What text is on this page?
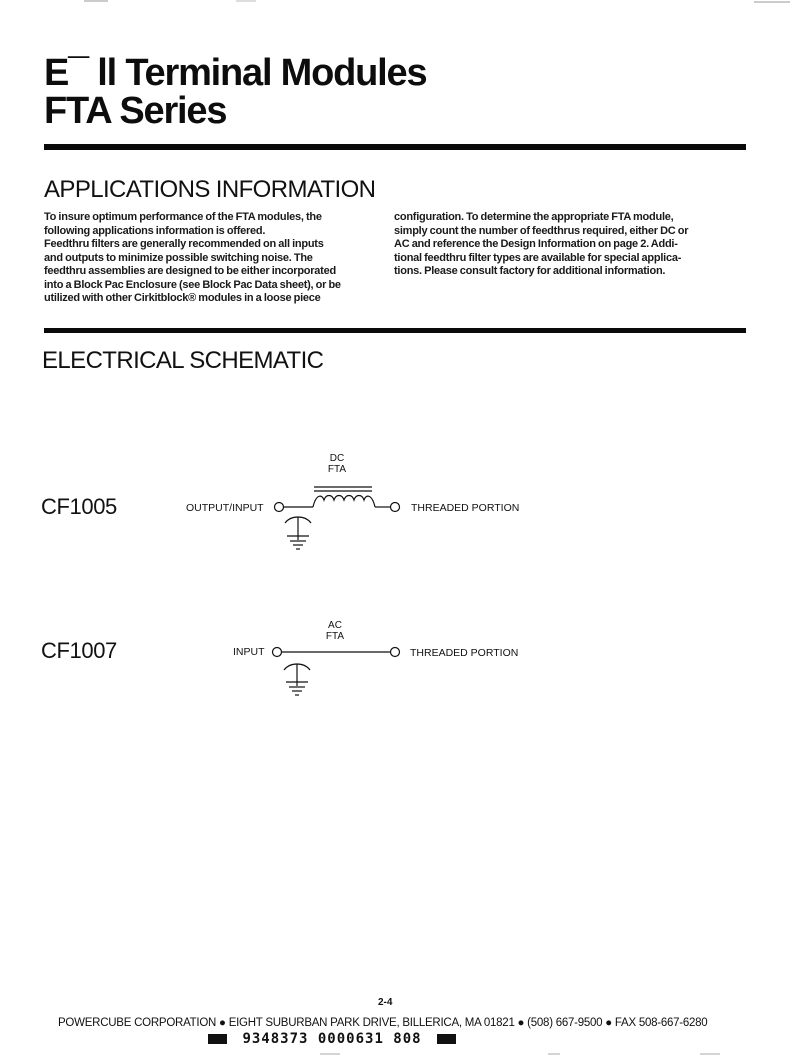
E¯ ll Terminal Modules
FTA Series
APPLICATIONS INFORMATION

To insure optimum performance of the FTA modules, the

following applications information is offered.

Feedthru filters are generally recommended on all inputs

and outputs to minimize possible switching noise. The

feedthru assemblies are designed to be either incorporated

into a Block Pac Enclosure (see Block Pac Data sheet), or be

utilized with other Cirkitblock® modules in a loose piece

configuration. To determine the appropriate FTA module,

simply count the number of feedthrus required, either DC or

AC and reference the Design Information on page 2. Addi-

tional feedthru filter types are available for special applica-

tions. Please consult factory for additional information.

ELECTRICAL SCHEMATIC
CF1005
DC
FTA
OUTPUT/INPUT	THREADED PORTION
CF1007
AC
FTA
INPUT	THREADED PORTION
2-4
POWERCUBE CORPORATION ● EIGHT SUBURBAN PARK DRIVE, BILLERICA, MA 01821 ● (508) 667-9500 ● FAX 508-667-6280
9348373 0000631 808
